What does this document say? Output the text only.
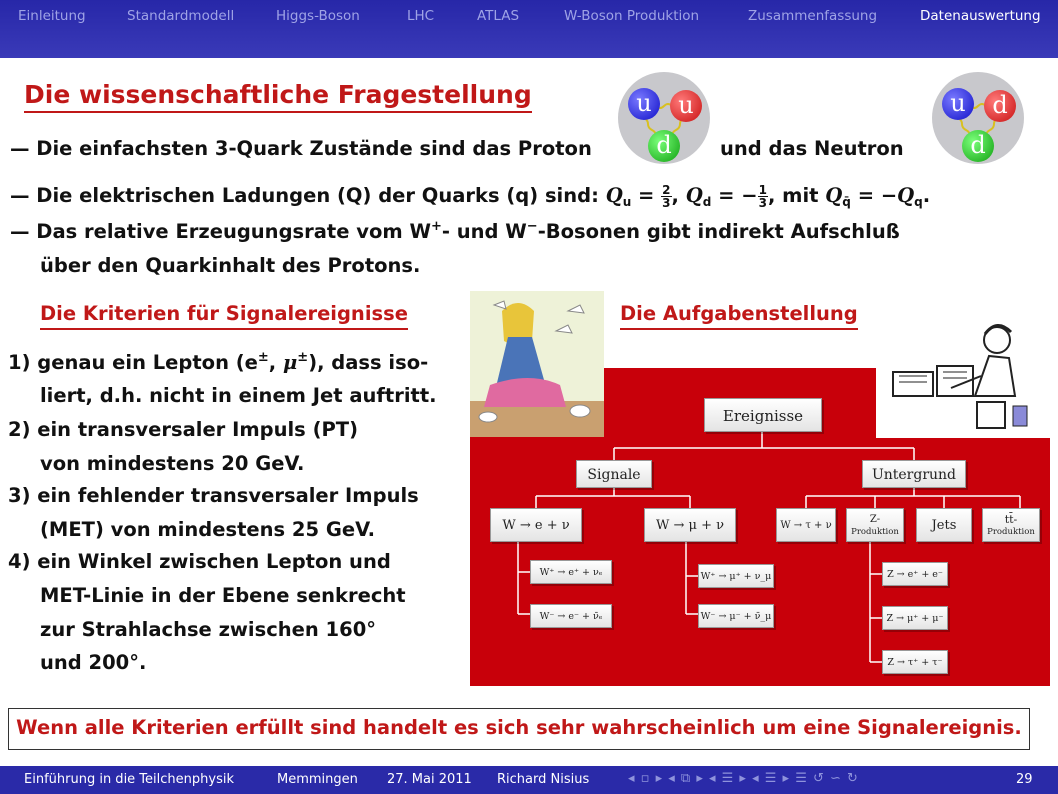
Einleitung	Standardmodell	Higgs-Boson	LHC	ATLAS	W-Boson Produktion	Zusammenfassung	Datenauswertung
Die wissenschaftliche Fragestellung	u	u
d
u	d
d
— Die einfachsten 3-Quark Zustände sind das Proton	und das Neutron
— Die elektrischen Ladungen (Q) der Quarks (q) sind: $Q_u = \frac{2}{3}$ , $Q_d$ = − $\frac{1}{3}$ , mit $Q_{q̄} = -Q_q$.
— Das relative Erzeugungsrate vom W+- und W−-Bosonen gibt indirekt Aufschluß
über den Quarkinhalt des Protons.
Die Kriterien für Signalereignisse
1) genau ein Lepton (e±, μ±), dass iso-
liert, d.h. nicht in einem Jet auftritt.
2) ein transversaler Impuls (PT)
von mindestens 20 GeV.
3) ein fehlender transversaler Impuls
(MET) von mindestens 25 GeV.
4) ein Winkel zwischen Lepton und
MET-Linie in der Ebene senkrecht
zur Strahlachse zwischen 160°
und 200°.
Die Aufgabenstellung
Ereignisse
Signale	Untergrund
W → e + ν	W → μ + ν	W → τ + ν
Z-
Produktion	Jets	tt̄-
Produktion
W⁺ → e⁺ + νₑ
W⁻ → e⁻ + ν̄ₑ
W⁺ → μ⁺ + ν_μ
W⁻ → μ⁻ + ν̄_μ
Z → e⁺ + e⁻
Z → μ⁺ + μ⁻
Z → τ⁺ + τ⁻
Wenn alle Kriterien erfüllt sind handelt es sich sehr wahrscheinlich um eine Signalereignis.
Einführung in die Teilchenphysik	Memmingen 27. Mai 2011 Richard Nisius	◂ ▫ ▸ ◂ ⧉ ▸ ◂ ☰ ▸ ◂ ☰ ▸ ☰ ↺ ∽ ↻	29
